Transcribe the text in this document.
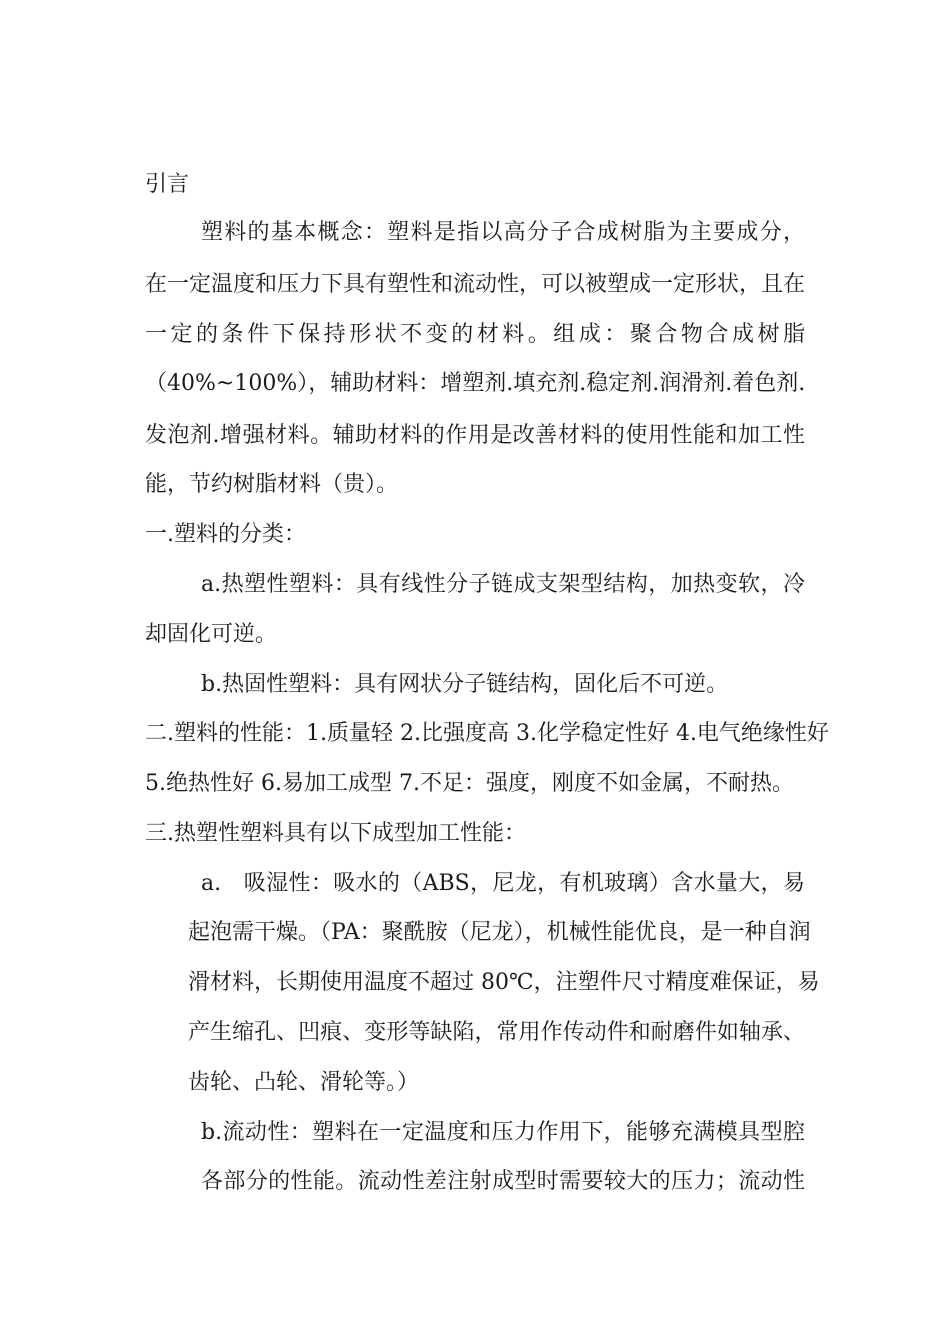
引言
塑料的基本概念：塑料是指以高分子合成树脂为主要成分，
在一定温度和压力下具有塑性和流动性，可以被塑成一定形状，且在
一定的条件下保持形状不变的材料。组成：聚合物合成树脂
（40%~100%），辅助材料：增塑剂.填充剂.稳定剂.润滑剂.着色剂.
发泡剂.增强材料。辅助材料的作用是改善材料的使用性能和加工性
能，节约树脂材料（贵）。
一.塑料的分类：
a.热塑性塑料：具有线性分子链成支架型结构，加热变软，冷
却固化可逆。
b.热固性塑料：具有网状分子链结构，固化后不可逆。
二.塑料的性能：1.质量轻 2.比强度高 3.化学稳定性好 4.电气绝缘性好
5.绝热性好 6.易加工成型 7.不足：强度，刚度不如金属，不耐热。
三.热塑性塑料具有以下成型加工性能：
a.　吸湿性：吸水的（ABS，尼龙，有机玻璃）含水量大，易
起泡需干燥。（PA：聚酰胺（尼龙），机械性能优良，是一种自润
滑材料，长期使用温度不超过 80℃，注塑件尺寸精度难保证，易
产生缩孔、凹痕、变形等缺陷，常用作传动件和耐磨件如轴承、
齿轮、凸轮、滑轮等。）
b.流动性：塑料在一定温度和压力作用下，能够充满模具型腔
各部分的性能。流动性差注射成型时需要较大的压力；流动性
